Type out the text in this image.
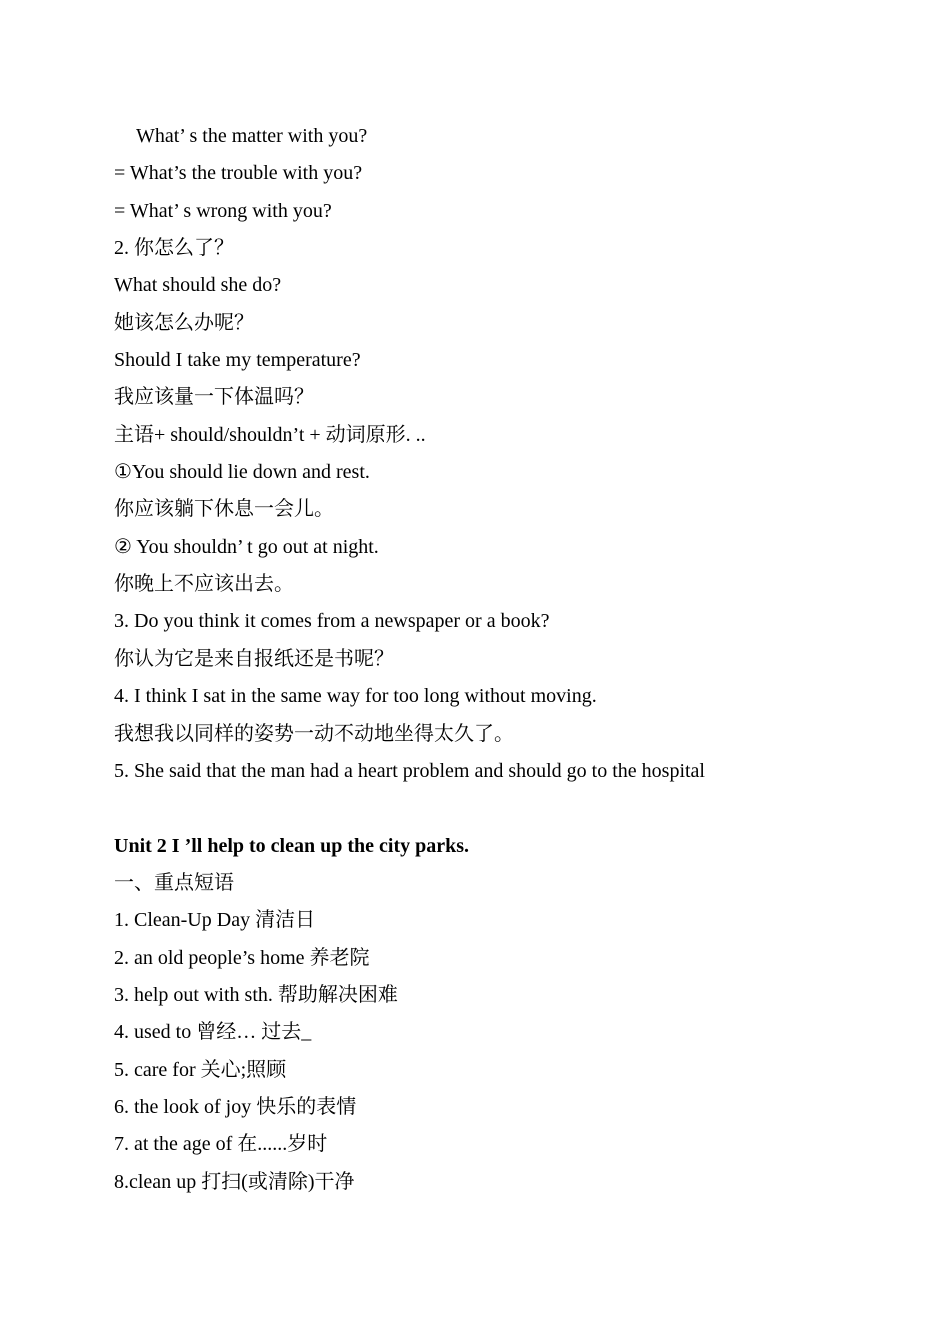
What’ s the matter with you?
= What’s the trouble with you?
= What’ s wrong with you?
2. 你怎么了？
What should she do?
她该怎么办呢？
Should I take my temperature?
我应该量一下体温吗？
主语+ should/shouldn’t + 动词原形. ..
①You should lie down and rest.
你应该躺下休息一会儿。
② You shouldn’ t go out at night.
你晚上不应该出去。
3. Do you think it comes from a newspaper or a book?
你认为它是来自报纸还是书呢？
4. I think I sat in the same way for too long without moving.
我想我以同样的姿势一动不动地坐得太久了。
5. She said that the man had a heart problem and should go to the hospital
Unit 2 I ’ll help to clean up the city parks.
一、重点短语
1. Clean-Up Day 清洁日
2. an old people’s home 养老院
3. help out with sth. 帮助解决困难
4. used to 曾经… 过去_
5. care for 关心;照顾
6. the look of joy 快乐的表情
7. at the age of 在......岁时
8.clean up 打扫(或清除)干净
